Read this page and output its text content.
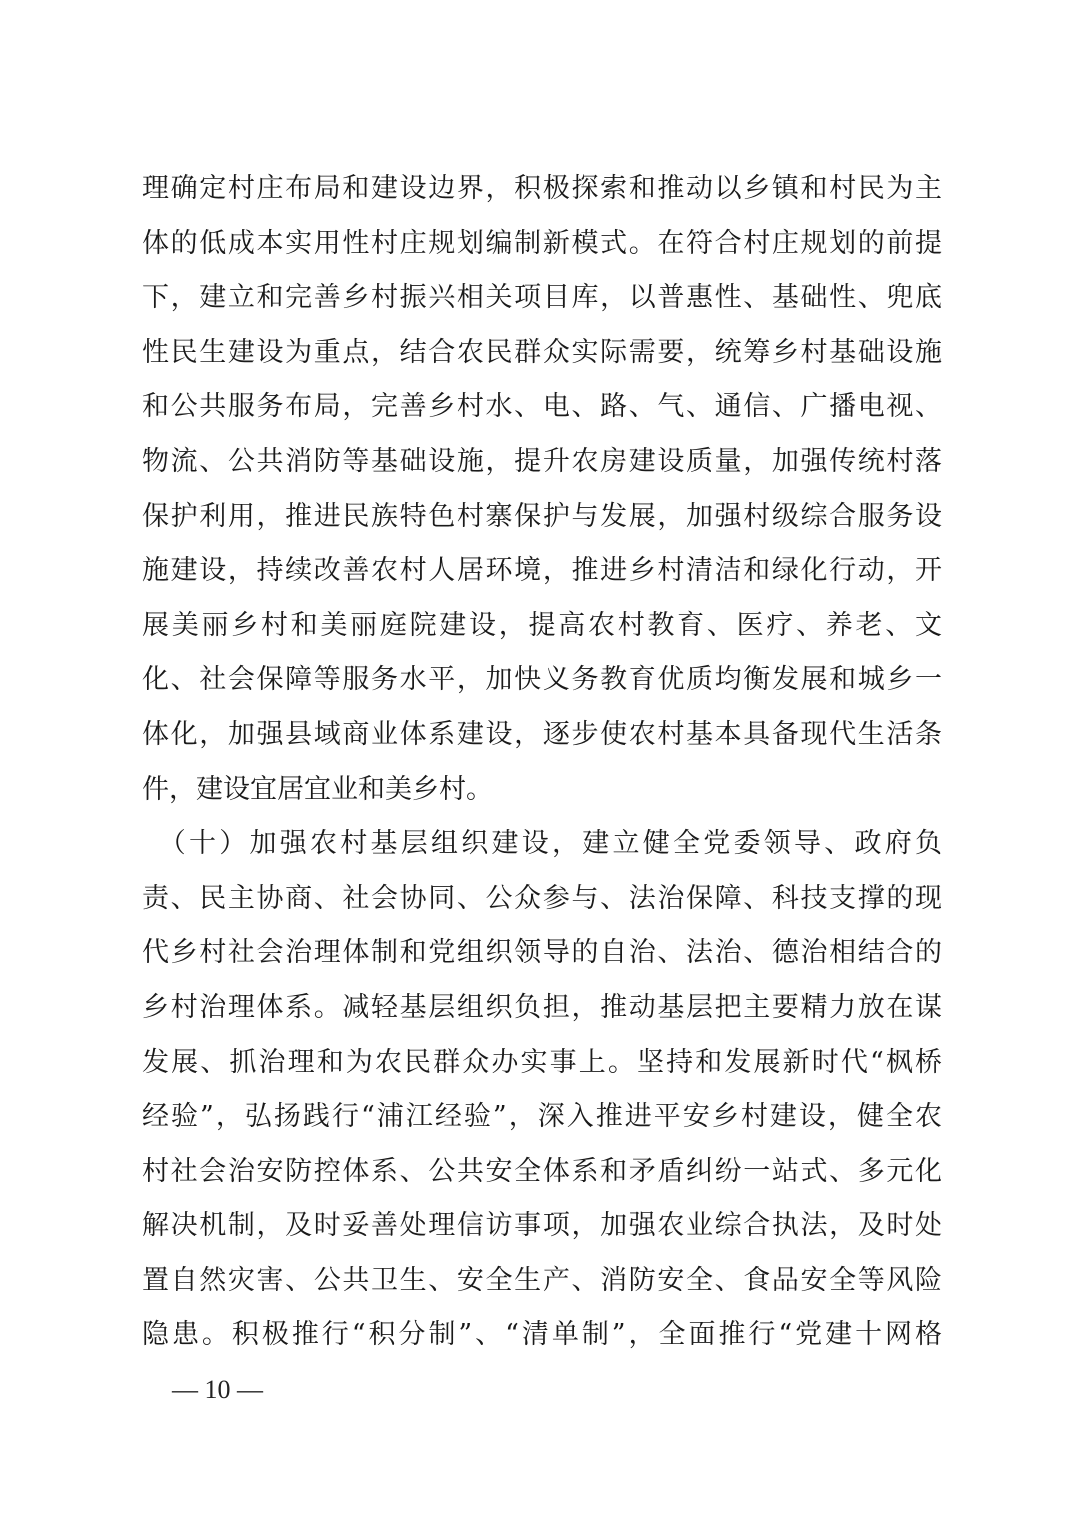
理确定村庄布局和建设边界，积极探索和推动以乡镇和村民为主
体的低成本实用性村庄规划编制新模式。在符合村庄规划的前提
下，建立和完善乡村振兴相关项目库，以普惠性、基础性、兜底
性民生建设为重点，结合农民群众实际需要，统筹乡村基础设施
和公共服务布局，完善乡村水、电、路、气、通信、广播电视、
物流、公共消防等基础设施，提升农房建设质量，加强传统村落
保护利用，推进民族特色村寨保护与发展，加强村级综合服务设
施建设，持续改善农村人居环境，推进乡村清洁和绿化行动，开
展美丽乡村和美丽庭院建设，提高农村教育、医疗、养老、文
化、社会保障等服务水平，加快义务教育优质均衡发展和城乡一
体化，加强县域商业体系建设，逐步使农村基本具备现代生活条
件，建设宜居宜业和美乡村。
　（十）加强农村基层组织建设，建立健全党委领导、政府负
责、民主协商、社会协同、公众参与、法治保障、科技支撑的现
代乡村社会治理体制和党组织领导的自治、法治、德治相结合的
乡村治理体系。减轻基层组织负担，推动基层把主要精力放在谋
发展、抓治理和为农民群众办实事上。坚持和发展新时代“枫桥
经验”，弘扬践行“浦江经验”，深入推进平安乡村建设，健全农
村社会治安防控体系、公共安全体系和矛盾纠纷一站式、多元化
解决机制，及时妥善处理信访事项，加强农业综合执法，及时处
置自然灾害、公共卫生、安全生产、消防安全、食品安全等风险
隐患。积极推行“积分制”、“清单制”，全面推行“党建十网格
— 10 —
